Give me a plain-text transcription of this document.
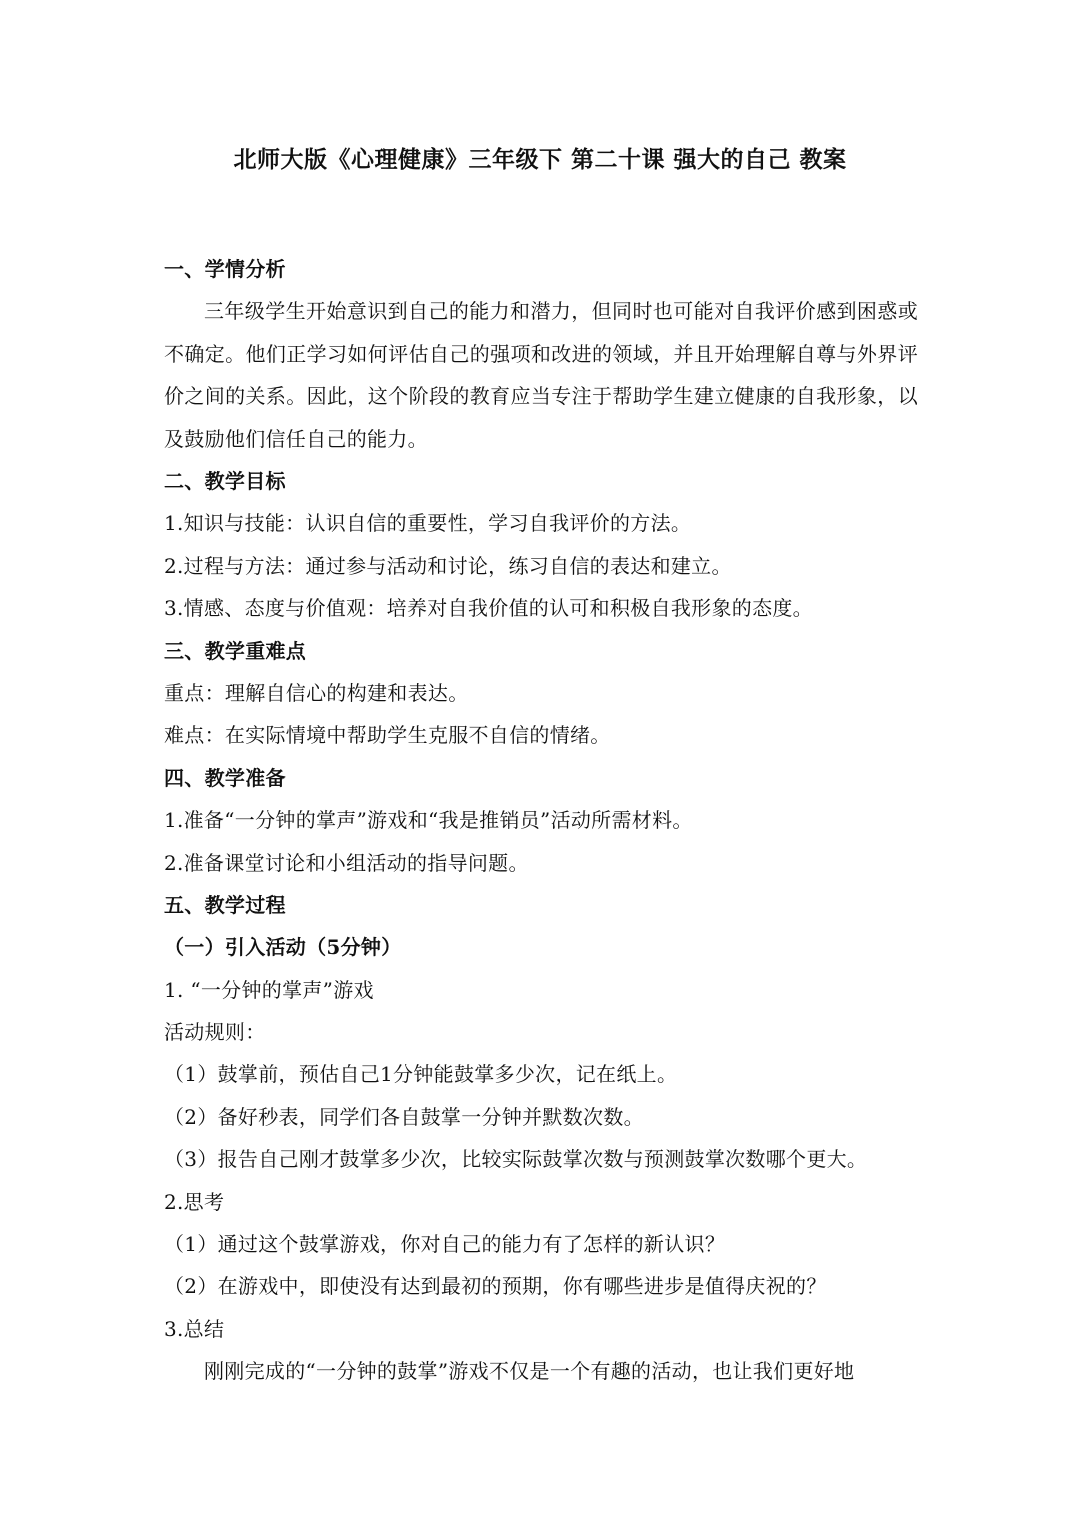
北师大版《心理健康》三年级下 第二十课 强大的自己 教案
一、学情分析
三年级学生开始意识到自己的能力和潜力，但同时也可能对自我评价感到困惑或不确定。他们正学习如何评估自己的强项和改进的领域，并且开始理解自尊与外界评价之间的关系。因此，这个阶段的教育应当专注于帮助学生建立健康的自我形象，以及鼓励他们信任自己的能力。
二、教学目标
1.知识与技能：认识自信的重要性，学习自我评价的方法。
2.过程与方法：通过参与活动和讨论，练习自信的表达和建立。
3.情感、态度与价值观：培养对自我价值的认可和积极自我形象的态度。
三、教学重难点
重点：理解自信心的构建和表达。
难点：在实际情境中帮助学生克服不自信的情绪。
四、教学准备
1.准备“一分钟的掌声”游戏和“我是推销员”活动所需材料。
2.准备课堂讨论和小组活动的指导问题。
五、教学过程
（一）引入活动（5分钟）
1. “一分钟的掌声”游戏
活动规则：
（1）鼓掌前，预估自己1分钟能鼓掌多少次，记在纸上。
（2）备好秒表，同学们各自鼓掌一分钟并默数次数。
（3）报告自己刚才鼓掌多少次，比较实际鼓掌次数与预测鼓掌次数哪个更大。
2.思考
（1）通过这个鼓掌游戏，你对自己的能力有了怎样的新认识？
（2）在游戏中，即使没有达到最初的预期，你有哪些进步是值得庆祝的？
3.总结
刚刚完成的“一分钟的鼓掌”游戏不仅是一个有趣的活动，也让我们更好地
